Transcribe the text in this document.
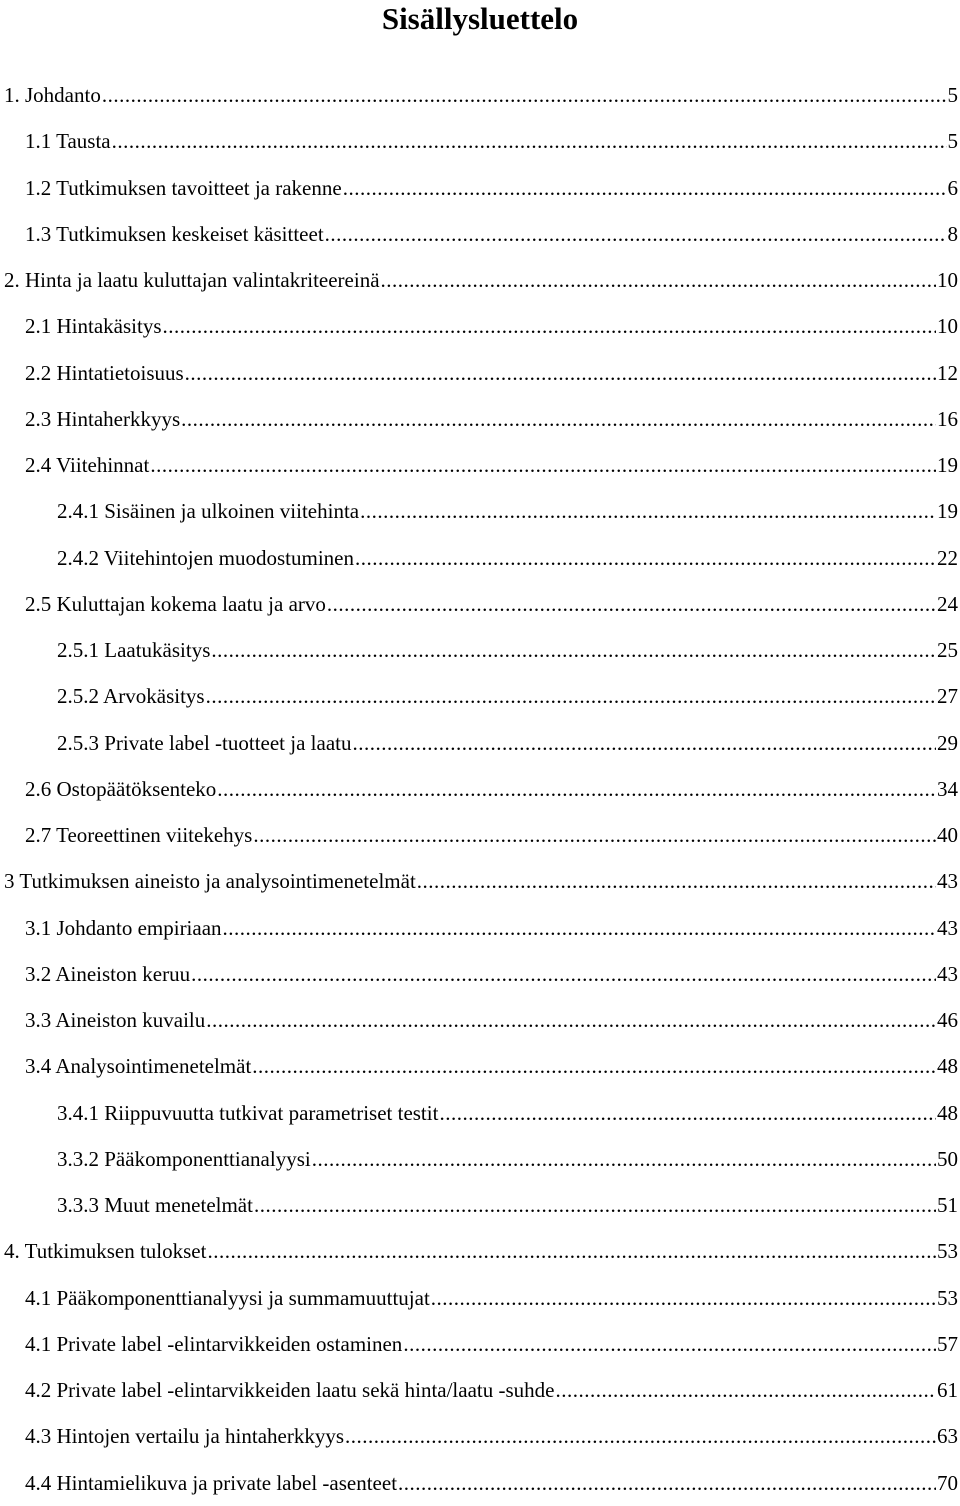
Sisällysluettelo
1. Johdanto .....	5
1.1 Tausta .....	5
1.2 Tutkimuksen tavoitteet ja rakenne .....	6
1.3 Tutkimuksen keskeiset käsitteet .....	8
2. Hinta ja laatu kuluttajan valintakriteereinä .....	10
2.1 Hintakäsitys .....	10
2.2 Hintatietoisuus .....	12
2.3 Hintaherkkyys .....	16
2.4 Viitehinnat .....	19
2.4.1 Sisäinen ja ulkoinen viitehinta .....	19
2.4.2 Viitehintojen muodostuminen .....	22
2.5 Kuluttajan kokema laatu ja arvo .....	24
2.5.1 Laatukäsitys .....	25
2.5.2 Arvokäsitys .....	27
2.5.3 Private label -tuotteet ja laatu .....	29
2.6 Ostopäätöksenteko .....	34
2.7 Teoreettinen viitekehys .....	40
3 Tutkimuksen aineisto ja analysointimenetelmät .....	43
3.1 Johdanto empiriaan .....	43
3.2 Aineiston keruu .....	43
3.3 Aineiston kuvailu .....	46
3.4 Analysointimenetelmät .....	48
3.4.1 Riippuvuutta tutkivat parametriset testit .....	48
3.3.2 Pääkomponenttianalyysi .....	50
3.3.3 Muut menetelmät .....	51
4. Tutkimuksen tulokset .....	53
4.1 Pääkomponenttianalyysi ja summamuuttujat .....	53
4.1 Private label -elintarvikkeiden ostaminen .....	57
4.2 Private label -elintarvikkeiden laatu sekä hinta/laatu -suhde .....	61
4.3 Hintojen vertailu ja hintaherkkyys .....	63
4.4 Hintamielikuva ja private label -asenteet .....	70
